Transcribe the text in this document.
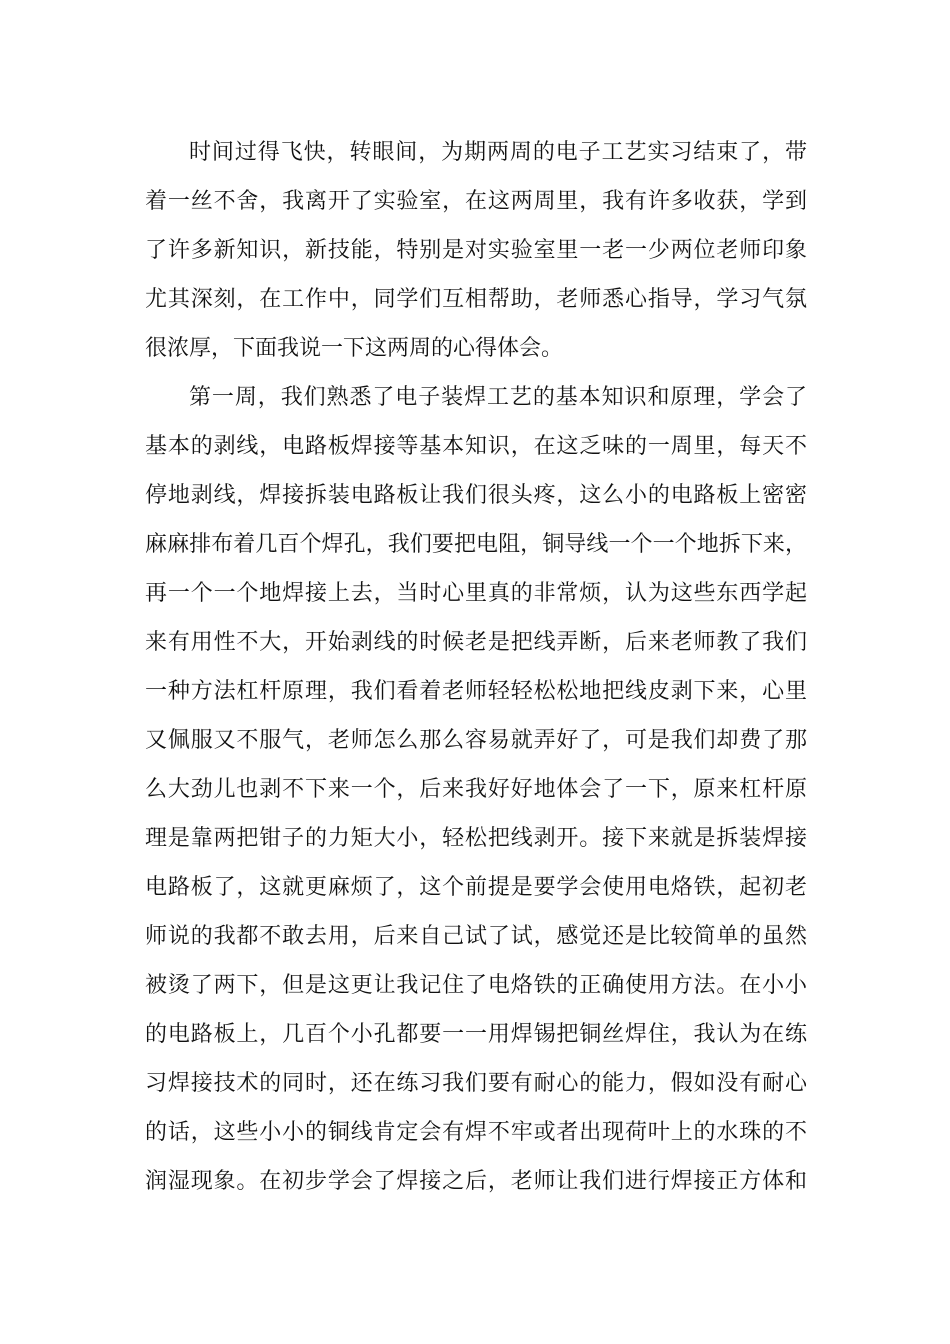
时间过得飞快，转眼间，为期两周的电子工艺实习结束了，带
着一丝不舍，我离开了实验室，在这两周里，我有许多收获，学到
了许多新知识，新技能，特别是对实验室里一老一少两位老师印象
尤其深刻，在工作中，同学们互相帮助，老师悉心指导，学习气氛
很浓厚，下面我说一下这两周的心得体会。
第一周，我们熟悉了电子装焊工艺的基本知识和原理，学会了
基本的剥线，电路板焊接等基本知识，在这乏味的一周里，每天不
停地剥线，焊接拆装电路板让我们很头疼，这么小的电路板上密密
麻麻排布着几百个焊孔，我们要把电阻，铜导线一个一个地拆下来，
再一个一个地焊接上去，当时心里真的非常烦，认为这些东西学起
来有用性不大，开始剥线的时候老是把线弄断，后来老师教了我们
一种方法杠杆原理，我们看着老师轻轻松松地把线皮剥下来，心里
又佩服又不服气，老师怎么那么容易就弄好了，可是我们却费了那
么大劲儿也剥不下来一个，后来我好好地体会了一下，原来杠杆原
理是靠两把钳子的力矩大小，轻松把线剥开。接下来就是拆装焊接
电路板了，这就更麻烦了，这个前提是要学会使用电烙铁，起初老
师说的我都不敢去用，后来自己试了试，感觉还是比较简单的虽然
被烫了两下，但是这更让我记住了电烙铁的正确使用方法。在小小
的电路板上，几百个小孔都要一一用焊锡把铜丝焊住，我认为在练
习焊接技术的同时，还在练习我们要有耐心的能力，假如没有耐心
的话，这些小小的铜线肯定会有焊不牢或者出现荷叶上的水珠的不
润湿现象。在初步学会了焊接之后，老师让我们进行焊接正方体和
